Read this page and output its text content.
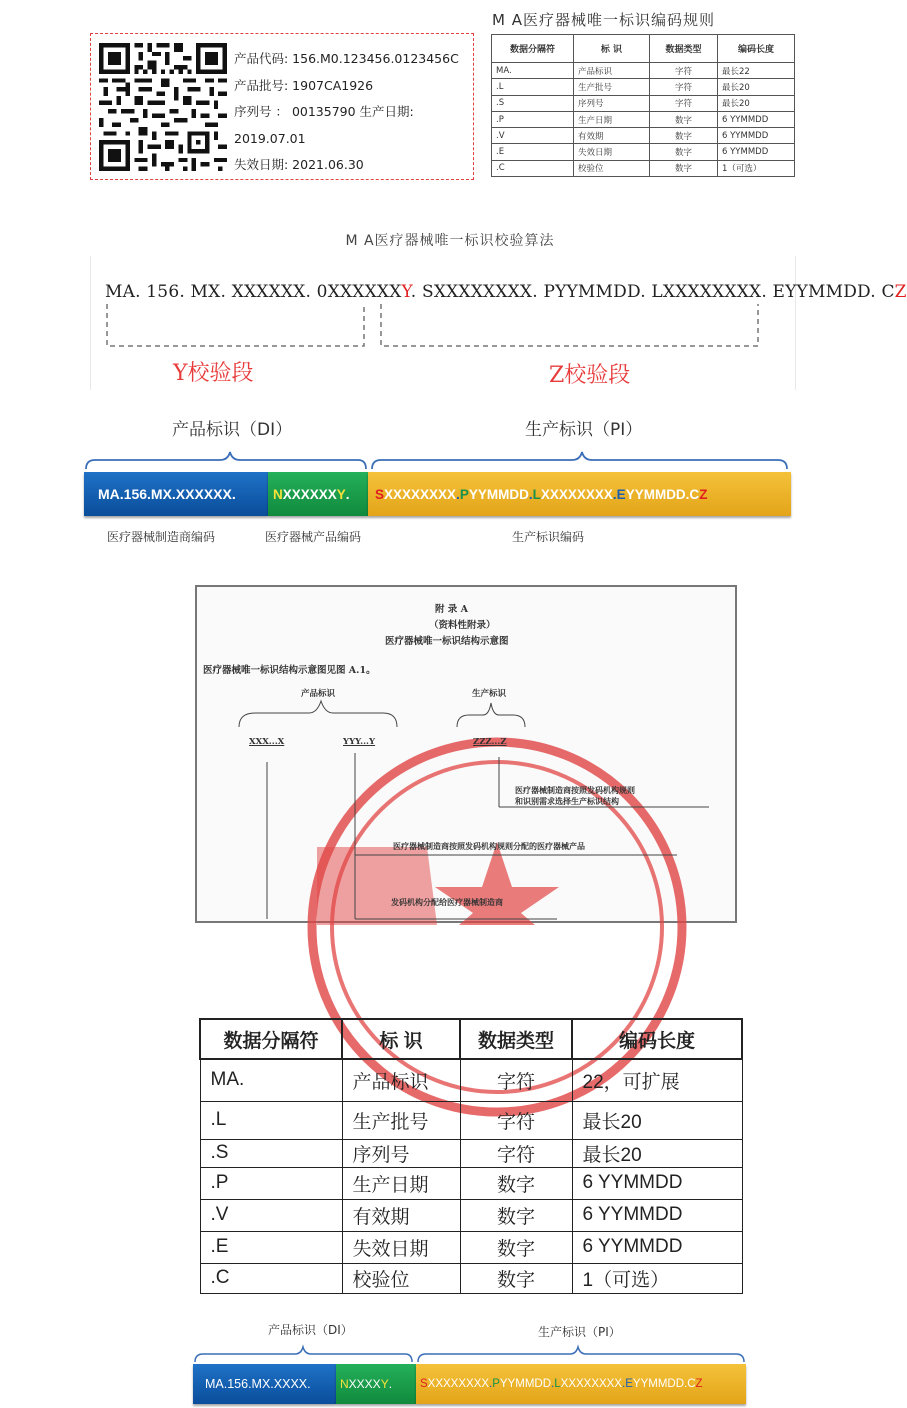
产品代码: 156.M0.123456.0123456C
产品批号: 1907CA1926
序列号 ： 00135790 生产日期:
2019.07.01
失效日期: 2021.06.30
M A医疗器械唯一标识编码规则
数据分隔符	标 识	数据类型	编码长度
MA.	产品标识	字符	最长22
.L	生产批号	字符	最长20
.S	序列号	字符	最长20
.P	生产日期	数字	6 YYMMDD
.V	有效期	数字	6 YYMMDD
.E	失效日期	数字	6 YYMMDD
.C	校验位	数字	1（可选）
M A医疗器械唯一标识校验算法
MA. 156. MX. XXXXXX. 0XXXXXXY. SXXXXXXXX. PYYMMDD. LXXXXXXXX. EYYMMDD. CZ
Y校验段	Z校验段
产品标识（DI）	生产标识（PI）
MA.156.MX.XXXXXX.	N XXXXXX Y . S XXXXXXXX . P YYMMDD . L XXXXXXXX . E YYMMDD.C Z
医疗器械制造商编码	医疗器械产品编码	生产标识编码
附 录 A
（资料性附录）
医疗器械唯一标识结构示意图
医疗器械唯一标识结构示意图见图 A.1。
产品标识	生产标识
XXX...X	YYY...Y	ZZZ...Z
医疗器械制造商按照发码机构规则
和识别需求选择生产标识结构
医疗器械制造商按照发码机构规则分配的医疗器械产品
发码机构分配给医疗器械制造商
数据分隔符	标 识	数据类型	编码长度
MA.	产品标识	字符	22，可扩展
.L	生产批号	字符	最长20
.S	序列号	字符	最长20
.P	生产日期	数字	6 YYMMDD
.V	有效期	数字	6 YYMMDD
.E	失效日期	数字	6 YYMMDD
.C	校验位	数字	1（可选）
产品标识（DI）	生产标识（PI）
MA.156.MX.XXXX.	N XXXX Y . S XXXXXXXX . P YYMMDD . L XXXXXXXX . E YYMMDD.C Z
